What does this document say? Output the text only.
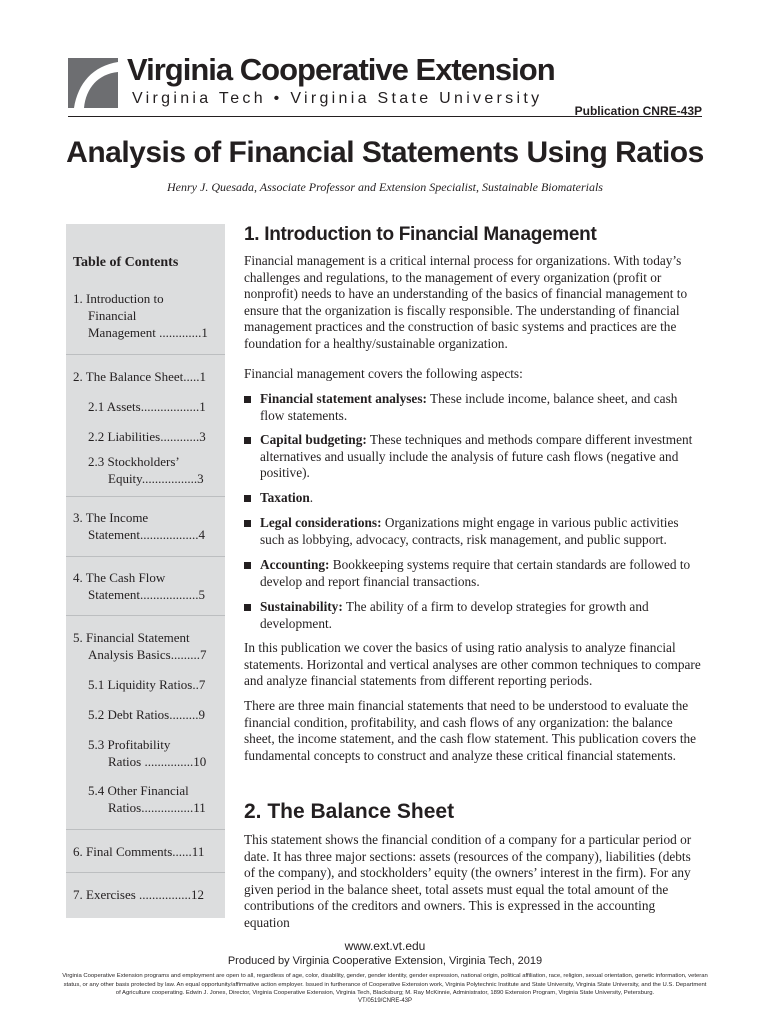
Virginia Cooperative Extension
Virginia Tech • Virginia State University
Publication CNRE-43P
Analysis of Financial Statements Using Ratios
Henry J. Quesada, Associate Professor and Extension Specialist, Sustainable Biomaterials
Table of Contents
1. Introduction to
Financial
Management .............1
2. The Balance Sheet.....1
2.1 Assets..................1
2.2 Liabilities............3
2.3 Stockholders’
Equity.................3
3. The Income
Statement..................4
4. The Cash Flow
Statement..................5
5. Financial Statement
Analysis Basics.........7
5.1 Liquidity Ratios..7
5.2 Debt Ratios.........9
5.3 Profitability
Ratios ...............10
5.4 Other Financial
Ratios................11
6. Final Comments......11
7. Exercises ................12
1. Introduction to Financial Management
Financial management is a critical internal process for organizations. With today’s challenges and regulations, to the management of every organization (profit or nonprofit) needs to have an understanding of the basics of financial management to ensure that the organization is fiscally responsible. The understanding of financial management practices and the construction of basic systems and practices are the foundation for a healthy/sustainable organization.
Financial management covers the following aspects:
Financial statement analyses: These include income, balance sheet, and cash flow statements.
Capital budgeting: These techniques and methods compare different investment alternatives and usually include the analysis of future cash flows (negative and positive).
Taxation.
Legal considerations: Organizations might engage in various public activities such as lobbying, advocacy, contracts, risk management, and public support.
Accounting: Bookkeeping systems require that certain standards are followed to develop and report financial transactions.
Sustainability: The ability of a firm to develop strategies for growth and development.
In this publication we cover the basics of using ratio analysis to analyze financial statements. Horizontal and vertical analyses are other common techniques to compare and analyze financial statements from different reporting periods.
There are three main financial statements that need to be understood to evaluate the financial condition, profitability, and cash flows of any organization: the balance sheet, the income statement, and the cash flow statement. This publication covers the fundamental concepts to construct and analyze these critical financial statements.
2. The Balance Sheet
This statement shows the financial condition of a company for a particular period or date. It has three major sections: assets (resources of the company), liabilities (debts of the company), and stockholders’ equity (the owners’ interest in the firm). For any given period in the balance sheet, total assets must equal the total amount of the contributions of the creditors and owners. This is expressed in the accounting equation
www.ext.vt.edu
Produced by Virginia Cooperative Extension, Virginia Tech, 2019
Virginia Cooperative Extension programs and employment are open to all, regardless of age, color, disability, gender, gender identity, gender expression, national origin, political affiliation, race, religion, sexual orientation, genetic information, veteran status, or any other basis protected by law. An equal opportunity/affirmative action employer. Issued in furtherance of Cooperative Extension work, Virginia Polytechnic Institute and State University, Virginia State University, and the U.S. Department of Agriculture cooperating. Edwin J. Jones, Director, Virginia Cooperative Extension, Virginia Tech, Blacksburg; M. Ray McKinnie, Administrator, 1890 Extension Program, Virginia State University, Petersburg.
VT/0519/CNRE-43P
